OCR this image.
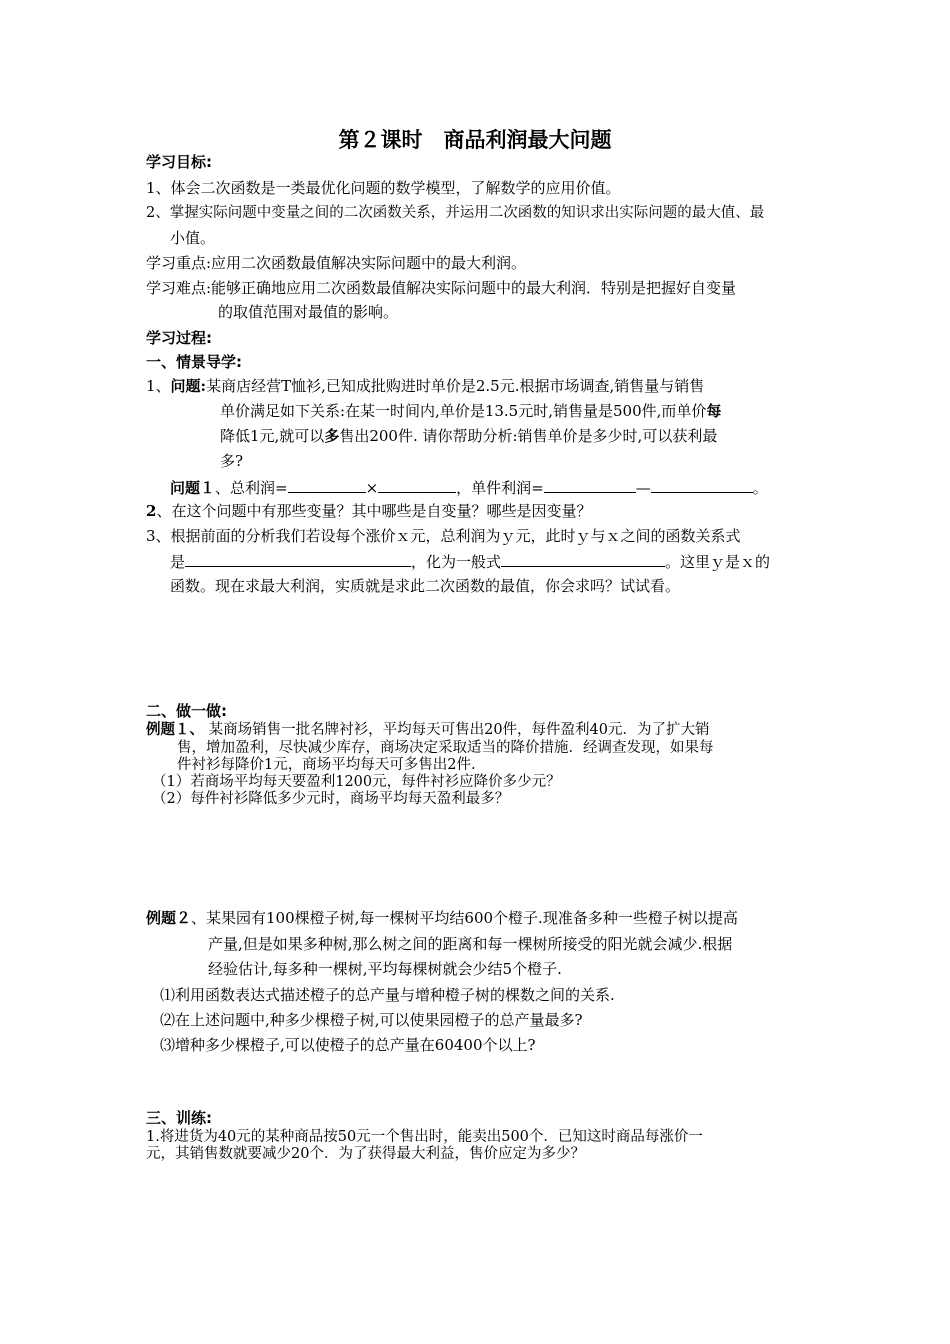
第２课时　商品利润最大问题
学习目标:
1、体会二次函数是一类最优化问题的数学模型，了解数学的应用价值。
2、掌握实际问题中变量之间的二次函数关系，并运用二次函数的知识求出实际问题的最大值、最
小值。
学习重点:应用二次函数最值解决实际问题中的最大利润。
学习难点:能够正确地应用二次函数最值解决实际问题中的最大利润．特别是把握好自变量
的取值范围对最值的影响。
学习过程:
一、情景导学:
1、问题:某商店经营T恤衫,已知成批购进时单价是2.5元.根据市场调查,销售量与销售
单价满足如下关系:在某一时间内,单价是13.5元时,销售量是500件,而单价每
降低1元,就可以多售出200件. 请你帮助分析:销售单价是多少时,可以获利最
多?
问题１、总利润=	×	，单件利润=	—	。
2、在这个问题中有那些变量？其中哪些是自变量？哪些是因变量？
3、根据前面的分析我们若设每个涨价ｘ元，总利润为ｙ元，此时ｙ与ｘ之间的函数关系式
是	，化为一般式	。这里ｙ是ｘ的
函数。现在求最大利润，实质就是求此二次函数的最值，你会求吗？试试看。
二、做一做:
例题１、 某商场销售一批名牌衬衫，平均每天可售出20件，每件盈利40元．为了扩大销
售，增加盈利，尽快减少库存，商场决定采取适当的降价措施．经调查发现，如果每
件衬衫每降价1元，商场平均每天可多售出2件.
（1）若商场平均每天要盈利1200元，每件衬衫应降价多少元？
（2）每件衬衫降低多少元时，商场平均每天盈利最多？
例题２、某果园有100棵橙子树,每一棵树平均结600个橙子.现准备多种一些橙子树以提高
产量,但是如果多种树,那么树之间的距离和每一棵树所接受的阳光就会减少.根据
经验估计,每多种一棵树,平均每棵树就会少结5个橙子.
⑴利用函数表达式描述橙子的总产量与增种橙子树的棵数之间的关系.
⑵在上述问题中,种多少棵橙子树,可以使果园橙子的总产量最多?
⑶增种多少棵橙子,可以使橙子的总产量在60400个以上?
三、训练:
1.将进货为40元的某种商品按50元一个售出时，能卖出500个．已知这时商品每涨价一
元，其销售数就要减少20个．为了获得最大利益，售价应定为多少？
